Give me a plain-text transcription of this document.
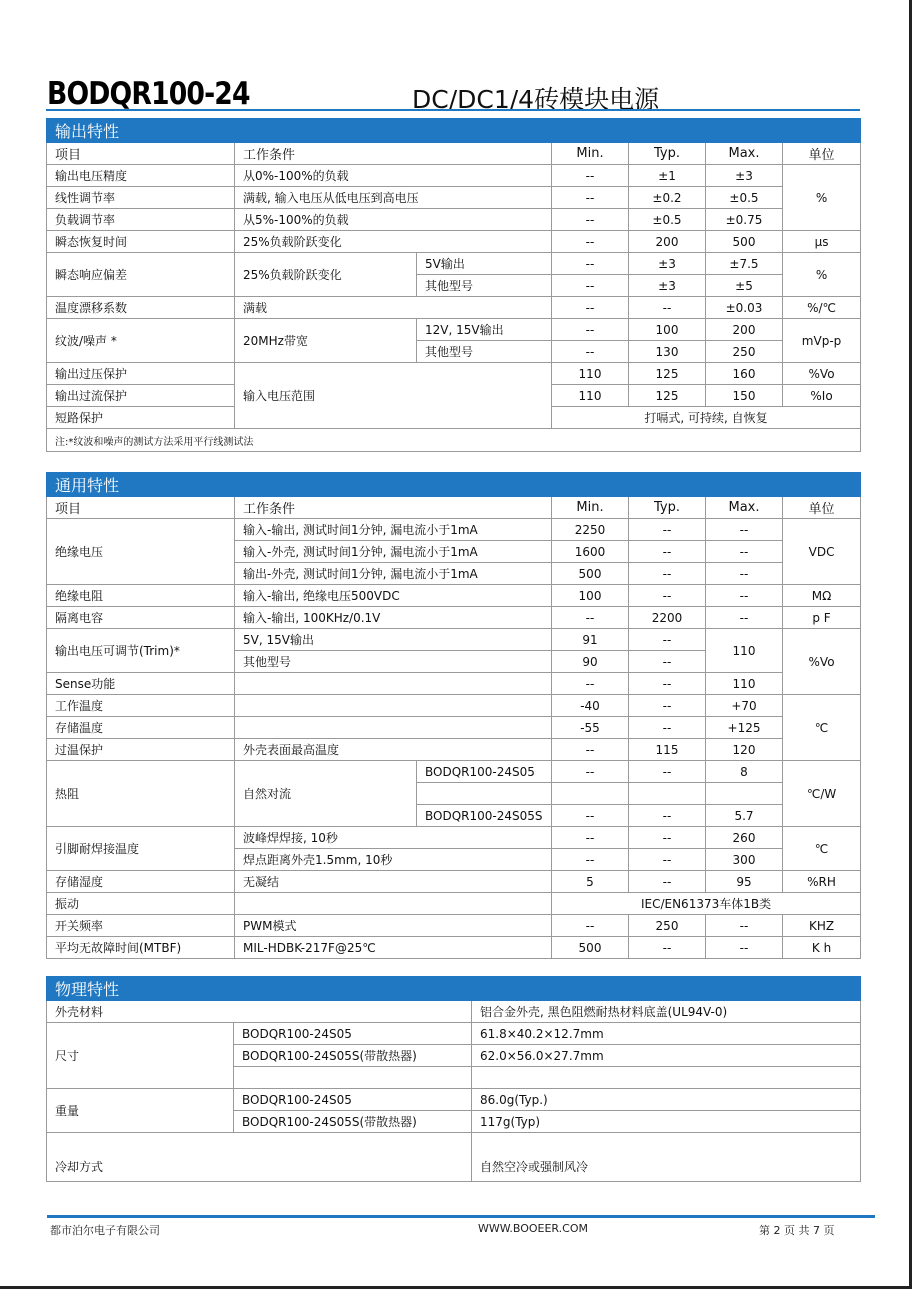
BODQR100-24	DC/DC1/4砖模块电源
输出特性						
项目	工作条件		Min.	Typ.	Max.	单位
输出电压精度	从0%-100%的负载		--	±1	±3	%
线性调节率	满载, 输入电压从低电压到高电压		--	±0.2	±0.5	
负载调节率	从5%-100%的负载		--	±0.5	±0.75	
瞬态恢复时间	25%负载阶跃变化		--	200	500	μs
瞬态响应偏差	25%负载阶跃变化	5V输出	--	±3	±7.5	%
		其他型号	--	±3	±5	
温度漂移系数	满载		--	--	±0.03	%/℃
纹波/噪声 *	20MHz带宽	12V, 15V输出	--	100	200	mVp-p
		其他型号	--	130	250	
输出过压保护	输入电压范围		110	125	160	%Vo
输出过流保护			110	125	150	%Io
短路保护			打嗝式, 可持续, 自恢复			
注:*纹波和噪声的测试方法采用平行线测试法						
通用特性						
项目	工作条件		Min.	Typ.	Max.	单位
绝缘电压	输入-输出, 测试时间1分钟, 漏电流小于1mA		2250	--	--	VDC
	输入-外壳, 测试时间1分钟, 漏电流小于1mA		1600	--	--	
	输出-外壳, 测试时间1分钟, 漏电流小于1mA		500	--	--	
绝缘电阻	输入-输出, 绝缘电压500VDC		100	--	--	MΩ
隔离电容	输入-输出, 100KHz/0.1V		--	2200	--	p F
输出电压可调节(Trim)*	5V, 15V输出		91	--	110	%Vo
	其他型号		90	--		
Sense功能			--	--	110	
工作温度			-40	--	+70	℃
存储温度			-55	--	+125	
过温保护	外壳表面最高温度		--	115	120	
热阻	自然对流	BODQR100-24S05	--	--	8	℃/W

		BODQR100-24S05S	--	--	5.7	
引脚耐焊接温度	波峰焊焊接, 10秒		--	--	260	℃
	焊点距离外壳1.5mm, 10秒		--	--	300	
存储湿度	无凝结		5	--	95	%RH
振动			IEC/EN61373车体1B类			
开关频率	PWM模式		--	250	--	KHZ
平均无故障时间(MTBF)	MIL-HDBK-217F@25℃		500	--	--	K h
物理特性		
外壳材料		铝合金外壳, 黑色阻燃耐热材料底盖(UL94V-0)
尺寸	BODQR100-24S05	61.8×40.2×12.7mm
	BODQR100-24S05S(带散热器)	62.0×56.0×27.7mm

重量	BODQR100-24S05	86.0g(Typ.)
	BODQR100-24S05S(带散热器)	117g(Typ)
冷却方式		自然空冷或强制风冷
都市泊尔电子有限公司	WWW.BOOEER.COM	第 2 页 共 7 页
